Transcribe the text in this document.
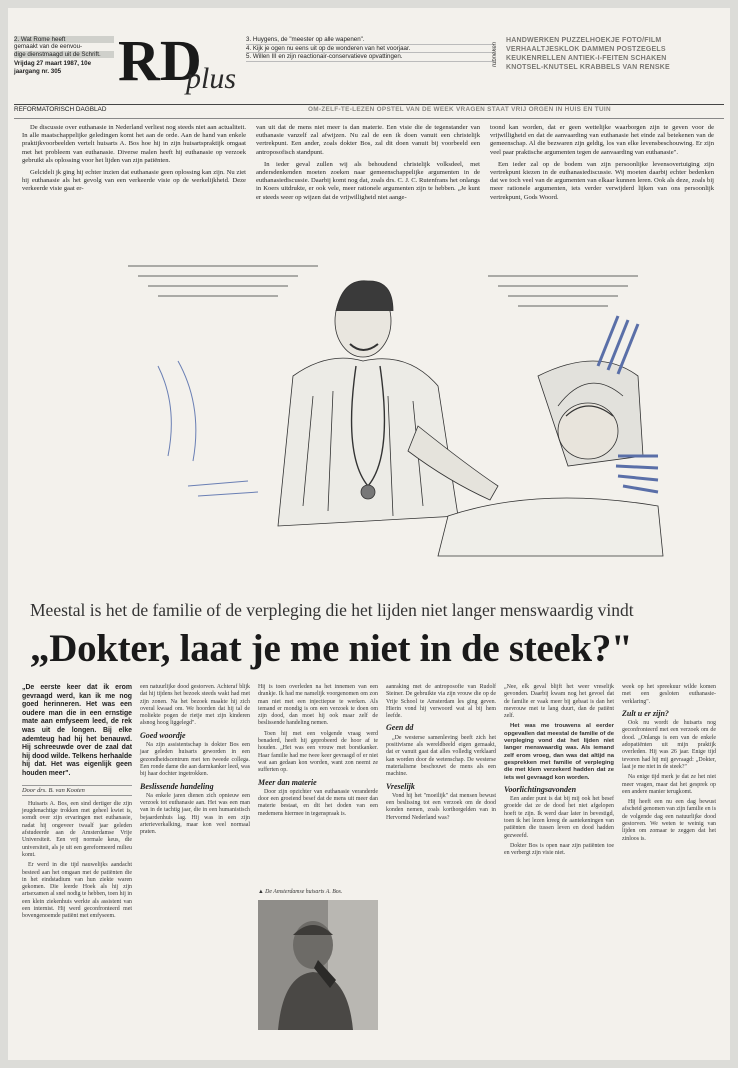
2. Wat Rome heeft
gemaakt van de eenvou-
dige dienstmaagd uit de Schrift.
Vrijdag 27 maart 1987, 10e jaargang nr. 305 RD
plus
3. Huygens, de "meester op alle wapenen".
4. Kijk je ogen nu eens uit op de wonderen van het voorjaar.
5. Willen III en zijn reactionair-conservatieve opvattingen.	rubrieken
HANDWERKEN PUZZELHOEKJE FOTO/FILM
VERHAALTJESKLOK DAMMEN POSTZEGELS
KEUKENRELLEN ANTIEK-I-FEITEN SCHAKEN
KNOTSEL-KNUTSEL KRABBELS VAN RENSKE
REFORMATORISCH DAGBLAD	OM-ZELF-TE-LEZEN OPSTEL VAN DE WEEK VRAGEN STAAT VRIJ ORGEN IN HUIS EN TUIN

De discussie over euthanasie in Nederland verliest nog steeds niet aan actualiteit. In alle maatschappelijke geledingen komt het aan de orde. Aan de hand van enkele praktijkvoorbeelden vertelt huisarts A. Bos hoe hij in zijn huisartspraktijk omgaat met het probleem van euthanasie. Diverse malen heeft hij euthanasie op verzoek gebruikt als oplossing voor het lijden van zijn patiënten.

Gelcideli jk ging hij echter inzien dat euthanasie geen oplossing kan zijn. Nu ziet hij euthanasie als het gevolg van een verkeerde visie op de werkelijkheid. Deze verkeerde visie gaat er-

van uit dat de mens niet meer is dan materie. Een visie die de tegenstander van euthanasie vanzelf zal afwijzen. Nu zal de een ik doen vanuit een christelijk vertrekpunt. Een ander, zoals dokter Bos, zal dit doen vanuit bij voorbeeld een antroposofisch standpunt.

In ieder geval zullen wij als behoudend christelijk volksdeel, met andersdenkenden moeten zoeken naar gemeenschappelijke argumenten in de euthanasiediscussie. Daarbij komt nog dat, zoals drs. C. J. C. Rutenfrans het onlangs in Koers uitdrukte, er ook vele, meer rationele argumenten zijn te hebben. „Je kunt er steeds weer op wijzen dat de vrijwilligheid niet aange-

toond kan worden, dat er geen wettelijke waarborgen zijn te geven voor de vrijwilligheid en dat de aanvaarding van euthanasie het einde zal betekenen van de gemeenschap. Al die bezwaren zijn geldig, los van elke levensbeschouwing. Er zijn veel paar praktische argumenten tegen de aanvaarding van euthanasie".

Een ieder zal op de bodem van zijn persoonlijke levensovertuiging zijn vertrekpunt kiezen in de euthanasiediscussie. Wij moeten daarbij echter bedenken dat we toch veel van de argumenten van elkaar kunnen leren. Ook als deze, zoals bij meer rationele argumenten, iets verder verwijderd lijken van ons persoonlijk vertrekpunt, Gods Woord.

Meestal is het de familie of de verpleging die het lijden niet langer menswaardig vindt
„Dokter, laat je me niet in de steek?"
„De eerste keer dat ik erom gevraagd werd, kan ik me nog goed herinneren. Het was een oudere man die in een ernstige mate aan emfyseem leed, de rek was uit de longen. Bij elke ademteug had hij het benauwd. Hij schreeuwde over de zaal dat hij dood wilde. Telkens herhaalde hij dat. Het was eigenlijk geen houden meer".
Door drs. B. van Kooten

Huisarts A. Bos, een sind dertiger die zijn jeugdenachtige trokken met geheel kwiet is, somdt over zijn ervaringen met euthanasie, nadat hij ongeveer twaalf jaar geleden afstudeerde aan de Amsterdamse Vrije Universiteit. Een vrij normale keus, die universiteit, als je uit een gereformeerd milieu komt.

Er werd in die tijd nauwelijks aandacht besteed aan het omgaan met de patiënten die in het eindstadium van hun ziekte waren gekomen. Die leerde Hoek als hij zijn artsexamen al snel nodig te hebben, toen hij in een klein ziekenhuis werkte als assistent van een internist. Hij werd geconfronteerd met bovengenoemde patiënt met emfyseem.

een natuurlijke dood gestorven. Achteraf blijk dat hij tijdens het bezoek steeds wakt had met zijn zonen. Na het bezoek maakte hij zich overal kwaad om. We hoorden dat hij tal de moliekte pogen de rietje met zijn kinderen alsnog hoog liggelegd".

Goed woordje

Na zijn assistentschap is dokter Bos een jaar geleden huisarts geworden in een gezondheidscentrum met ten tweede collega. Een ronde dame die aan darmkanker leed, was bij haar dochter ingetrokken.

Beslissende handeling

Na enkele jaren dienen zich opnieuw een verzoek tot euthanasie aan. Het was een man van in de tachtig jaar, die in een humanistisch bejaardenhuis lag. Hij was in een zijn arterieverkalking, maar kon veel normaal praten.

Hij is toen overleden na het innemen van een drankje. Ik had me namelijk voorgenomen om zon man niet met een injectiepue te werken. Als iemand er mondig is om een verzoek te doen om zijn dood, dan moet hij ook maar zelf de beslissende handeling nemen.

Toen hij met een volgende vraag werd benaderd, heeft hij geprobeerd de hoor af te houden. „Het was een vrouw met borstkanker. Haar familie had me twee keer gevraagd of er niet wat aan gedaan kon worden, want zon neemt ze sufferten op.

Meer dan materie

Door zijn opzichter van euthanasie veranderde door een groeiend besef dat de mens uit meer dan materie bestaat, en dit het doden van een medemens hiermee in tegenspraak is.

▲ De Amsterdamse huisarts A. Bos.

aanraking met de antroposofie van Rudolf Steiner. De gebruikte via zijn vrouw die op de Vrije School te Amsterdam les ging geven. Hierin vond hij verwoord wat al bij hem leefde.

Geen dd

„De westerse samenleving beeft zich het positivisme als wereldbeeld eigen gemaakt, dat er vanuit gaat dat alles volledig verklaard kan worden door de wetenschap. De westerse materialisme beschouwt de mens als een machine.

Vreselijk

Vond hij het "moeilijk" dat mensen bewust een beslissing tot een verzoek om de dood konden nemen, zoals korthorgelden van in Hervormd Nederland was?

„Nee, elk geval blijft het weer vreselijk gevonden. Daarbij kwam nog het gevoel dat de familie er vaak meer bij gebaat is dan het mevrouw met te lang duurt, dan de patiënt zelf.

Het was me trouwens al eerder opgevallen dat meestal de familie of de verpleging vond dat het lijden niet langer menswaardig was. Als iemand zelf erom vroeg, dan was dat altijd na gesprekken met familie of verpleging die met klem verzekerd hadden dat ze iets wel gevraagd kon worden.

Voorlichtingsavonden

Een ander punt is dat bij mij ook het besef groeide dat ze de dood het niet afgelopen hoeft te zijn. Ik werd daar later in bevestigd, toen ik het lezen kreeg de aantekeningen van patiënten die tussen leven en dood hadden gezweefd.

Dokter Bos is open naar zijn patiënten toe en verbergt zijn visie niet.

week op het spreekuur wilde komen met een gesloten euthanasie-verklaring".

Zult u er zijn?

Ook nu wordt de huisarts nog geconfronteerd met een verzoek om de dood. „Onlangs is een van de enkele adopatiënten uit mijn praktijk overleden. Hij was 26 jaar. Enige tijd tevoren had hij mij gevraagd: „Dokter, laat je me niet in de steek?"

Na enige tijd merk je dat ze het niet meer vragen, maar dat het gesprek op een andere manier terugkomt.

Hij heeft een nu een dag bewust afscheid genomen van zijn familie en is de volgende dag een natuurlijke dood gestorven. We weten te weinig van lijden om zomaar te zeggen dat het zinloos is.
